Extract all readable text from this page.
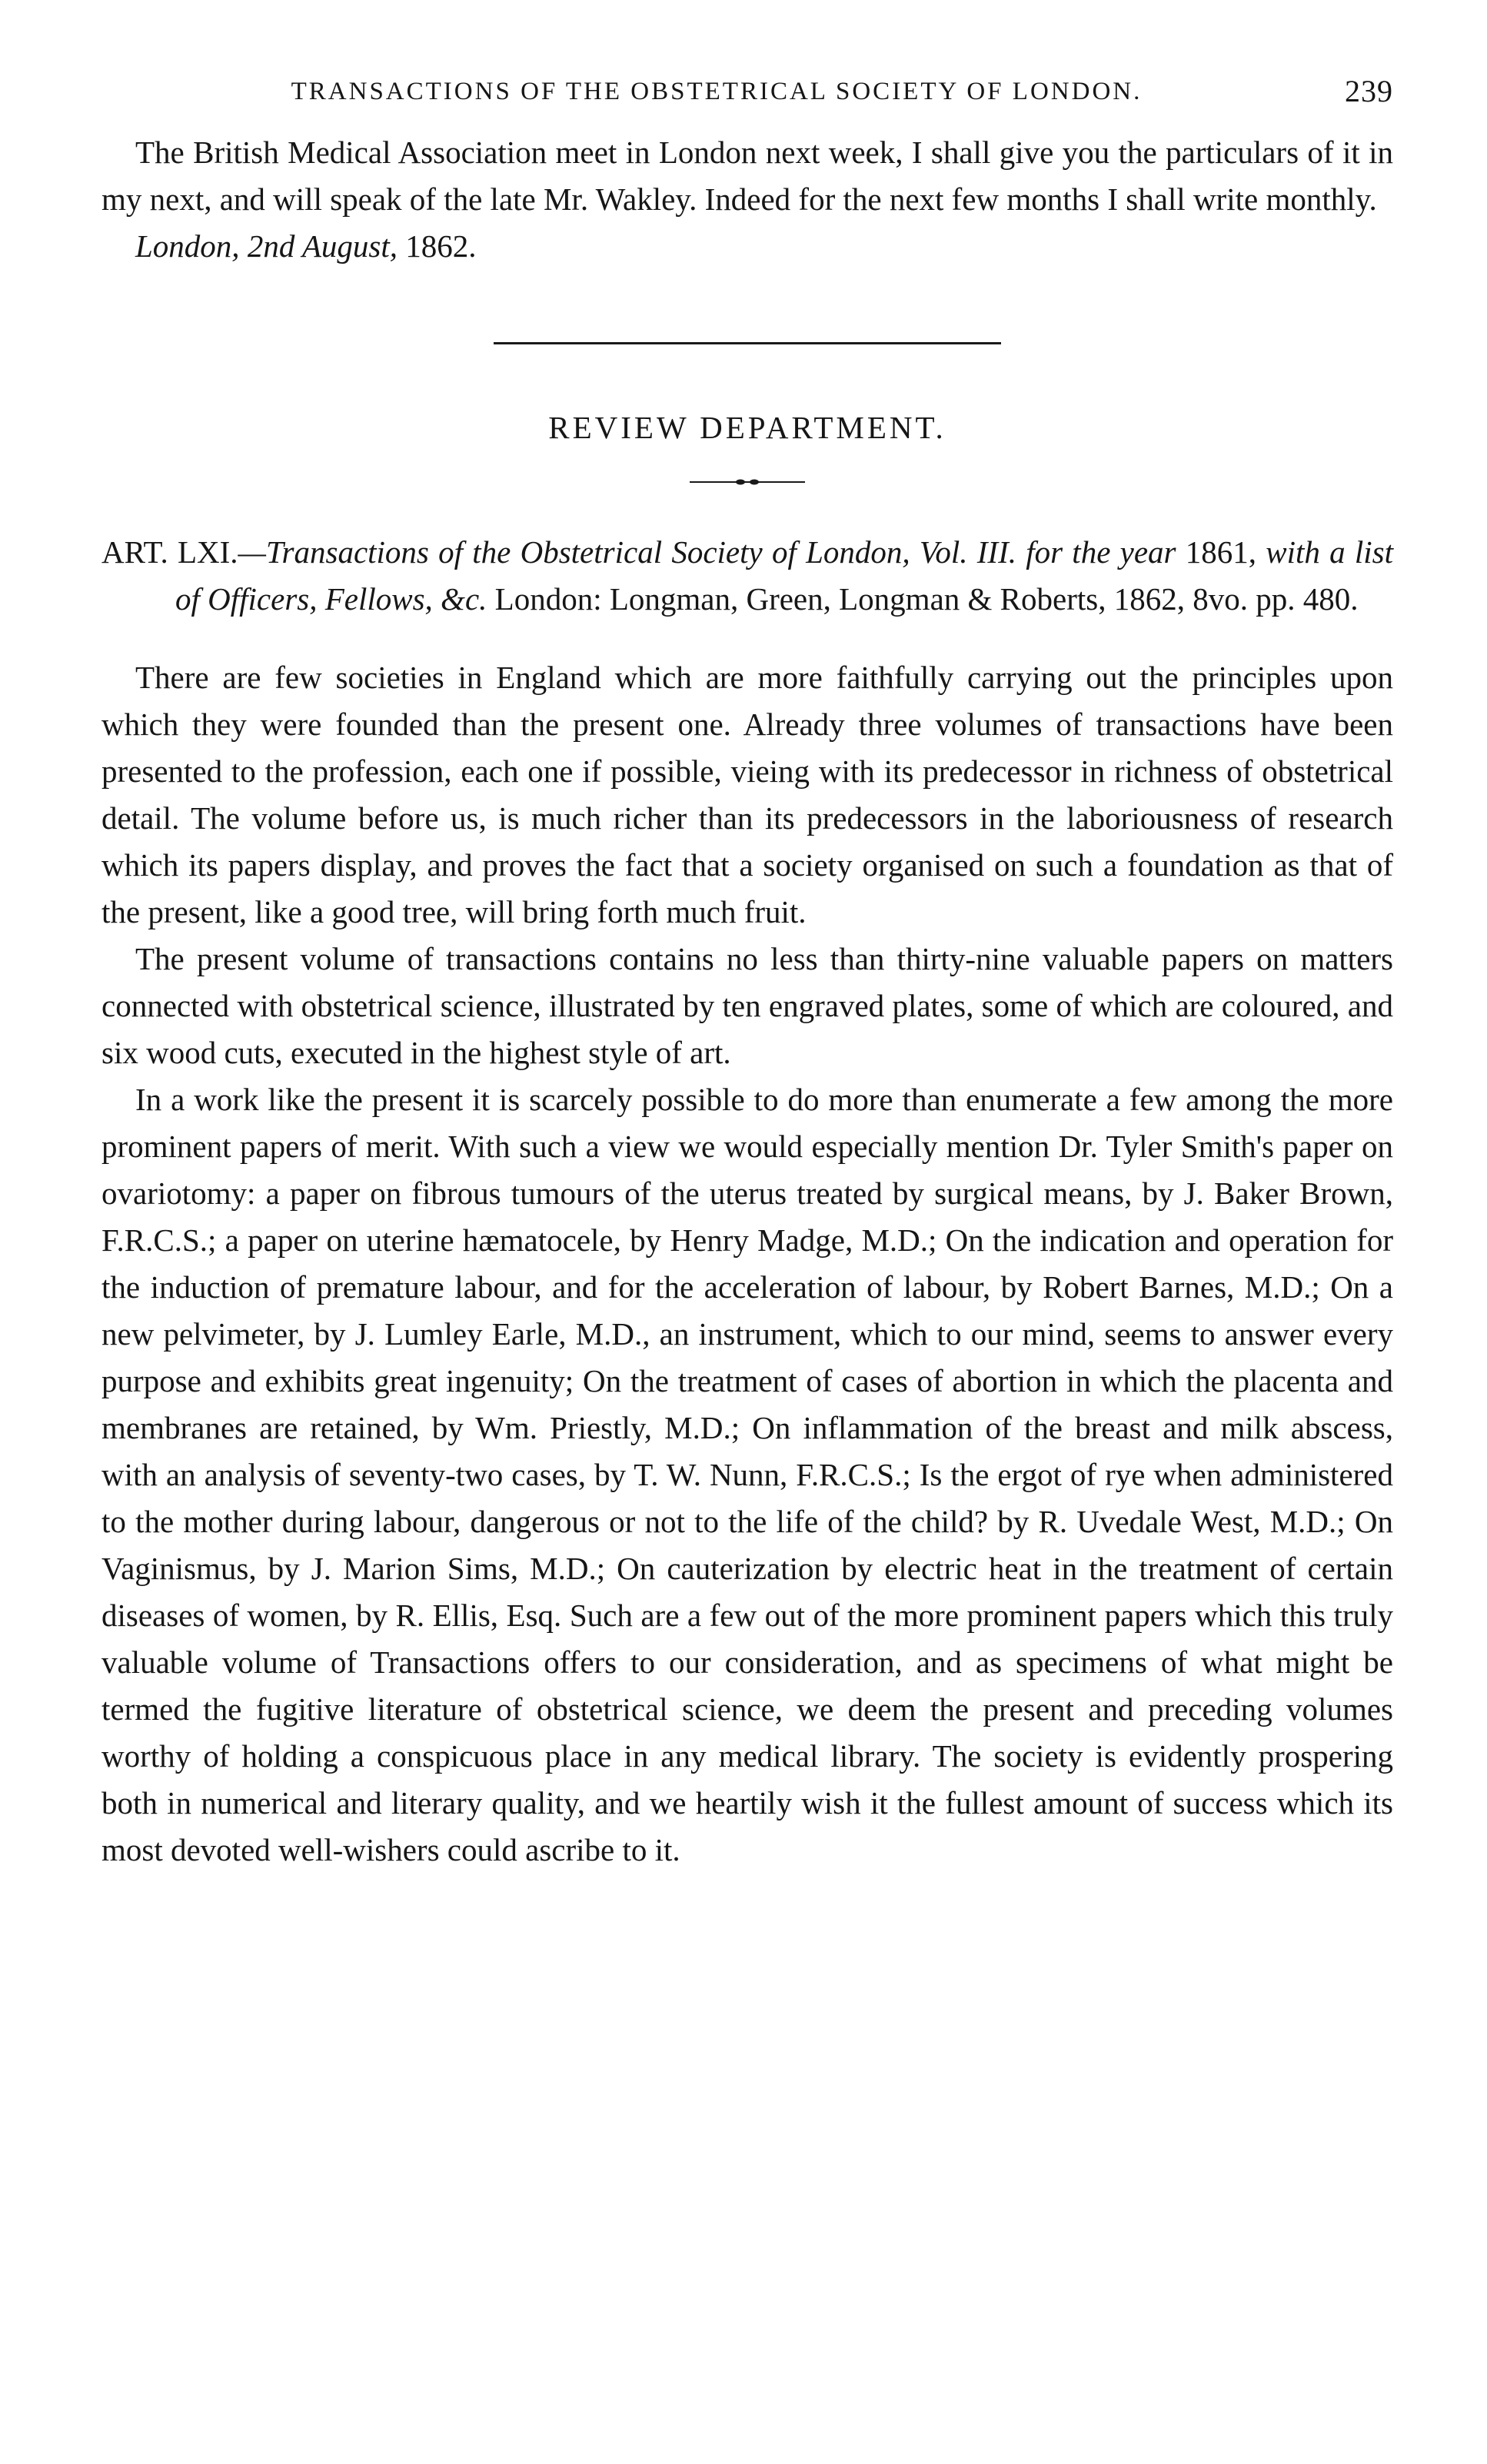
TRANSACTIONS OF THE OBSTETRICAL SOCIETY OF LONDON.	239

The British Medical Association meet in London next week, I shall give you the particulars of it in my next, and will speak of the late Mr. Wakley. Indeed for the next few months I shall write monthly.

London, 2nd August, 1862.

REVIEW DEPARTMENT.

ART. LXI.—Transactions of the Obstetrical Society of London, Vol. III. for the year 1861, with a list of Officers, Fellows, &c. London: Longman, Green, Longman & Roberts, 1862, 8vo. pp. 480.

There are few societies in England which are more faithfully carrying out the principles upon which they were founded than the present one. Already three volumes of transactions have been presented to the profession, each one if possible, vieing with its predecessor in richness of obstetrical detail. The volume before us, is much richer than its predecessors in the laboriousness of research which its papers display, and proves the fact that a society organised on such a foundation as that of the present, like a good tree, will bring forth much fruit.

The present volume of transactions contains no less than thirty-nine valuable papers on matters connected with obstetrical science, illustrated by ten engraved plates, some of which are coloured, and six wood cuts, executed in the highest style of art.

In a work like the present it is scarcely possible to do more than enumerate a few among the more prominent papers of merit. With such a view we would especially mention Dr. Tyler Smith's paper on ovariotomy: a paper on fibrous tumours of the uterus treated by surgical means, by J. Baker Brown, F.R.C.S.; a paper on uterine hæmatocele, by Henry Madge, M.D.; On the indication and operation for the induction of premature labour, and for the acceleration of labour, by Robert Barnes, M.D.; On a new pelvimeter, by J. Lumley Earle, M.D., an instrument, which to our mind, seems to answer every purpose and exhibits great ingenuity; On the treatment of cases of abortion in which the placenta and membranes are retained, by Wm. Priestly, M.D.; On inflammation of the breast and milk abscess, with an analysis of seventy-two cases, by T. W. Nunn, F.R.C.S.; Is the ergot of rye when administered to the mother during labour, dangerous or not to the life of the child? by R. Uvedale West, M.D.; On Vaginismus, by J. Marion Sims, M.D.; On cauterization by electric heat in the treatment of certain diseases of women, by R. Ellis, Esq. Such are a few out of the more prominent papers which this truly valuable volume of Transactions offers to our consideration, and as specimens of what might be termed the fugitive literature of obstetrical science, we deem the present and preceding volumes worthy of holding a conspicuous place in any medical library. The society is evidently prospering both in numerical and literary quality, and we heartily wish it the fullest amount of success which its most devoted well-wishers could ascribe to it.
